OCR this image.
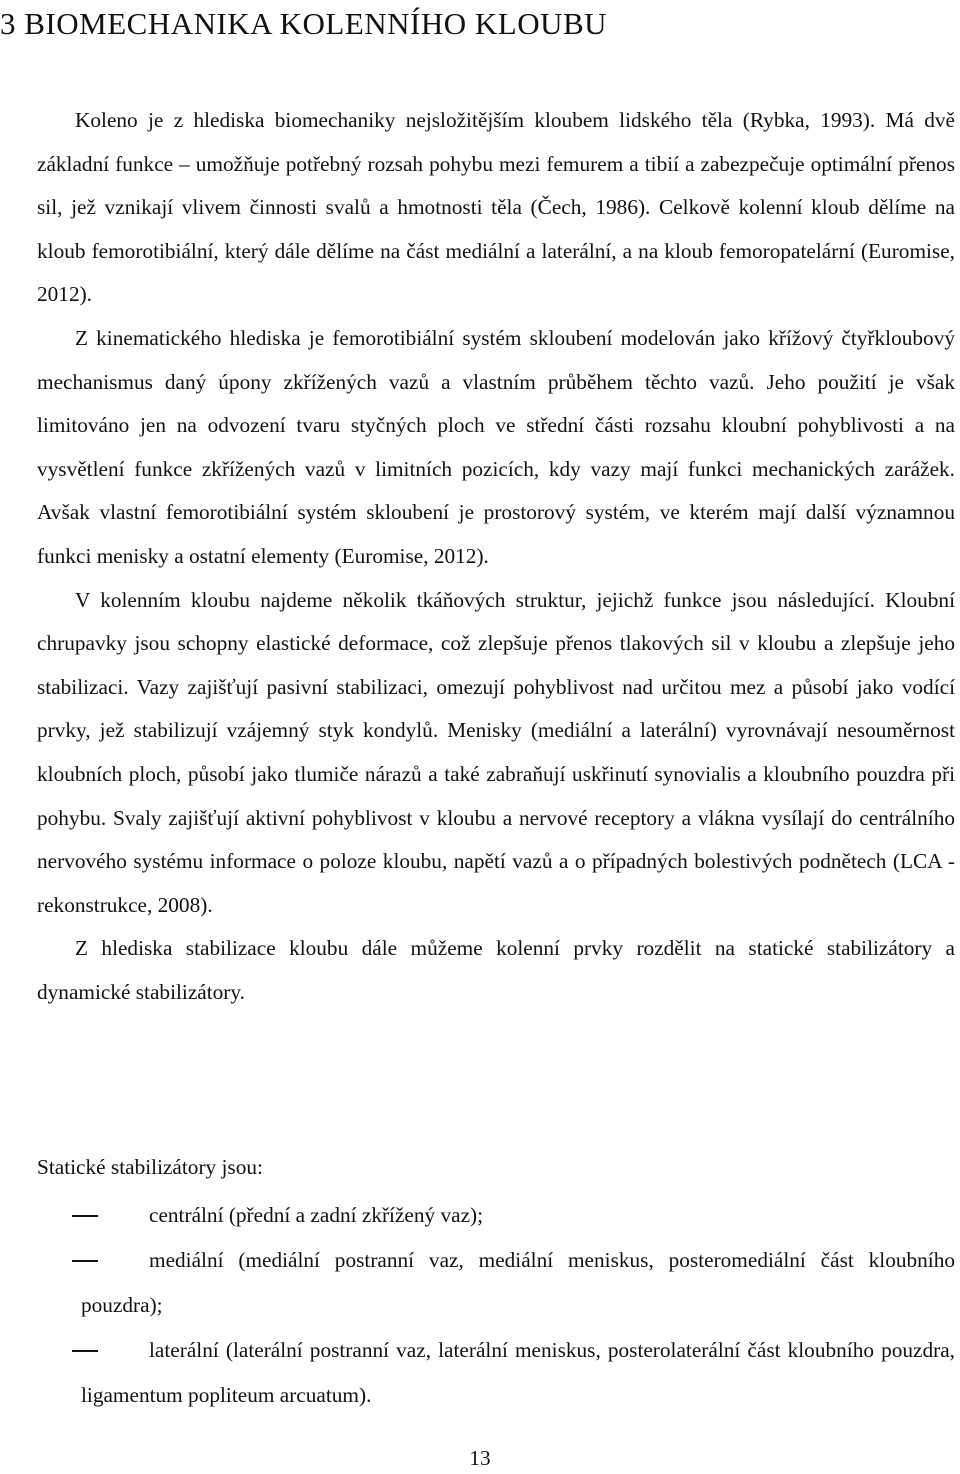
3 BIOMECHANIKA KOLENNÍHO KLOUBU

Koleno je z hlediska biomechaniky nejsložitějším kloubem lidského těla (Rybka, 1993). Má dvě základní funkce – umožňuje potřebný rozsah pohybu mezi femurem a tibií a zabezpečuje optimální přenos sil, jež vznikají vlivem činnosti svalů a hmotnosti těla (Čech, 1986). Celkově kolenní kloub dělíme na kloub femorotibiální, který dále dělíme na část mediální a laterální, a na kloub femoropatelární (Euromise, 2012).

Z kinematického hlediska je femorotibiální systém skloubení modelován jako křížový čtyřkloubový mechanismus daný úpony zkřížených vazů a vlastním průběhem těchto vazů. Jeho použití je však limitováno jen na odvození tvaru styčných ploch ve střední části rozsahu kloubní pohyblivosti a na vysvětlení funkce zkřížených vazů v limitních pozicích, kdy vazy mají funkci mechanických zarážek. Avšak vlastní femorotibiální systém skloubení je prostorový systém, ve kterém mají další významnou funkci menisky a ostatní elementy (Euromise, 2012).

V kolenním kloubu najdeme několik tkáňových struktur, jejichž funkce jsou následující. Kloubní chrupavky jsou schopny elastické deformace, což zlepšuje přenos tlakových sil v kloubu a zlepšuje jeho stabilizaci. Vazy zajišťují pasivní stabilizaci, omezují pohyblivost nad určitou mez a působí jako vodící prvky, jež stabilizují vzájemný styk kondylů. Menisky (mediální a laterální) vyrovnávají nesouměrnost kloubních ploch, působí jako tlumiče nárazů a také zabraňují uskřinutí synovialis a kloubního pouzdra při pohybu. Svaly zajišťují aktivní pohyblivost v kloubu a nervové receptory a vlákna vysílají do centrálního nervového systému informace o poloze kloubu, napětí vazů a o případných bolestivých podnětech (LCA - rekonstrukce, 2008).

Z hlediska stabilizace kloubu dále můžeme kolenní prvky rozdělit na statické stabilizátory a dynamické stabilizátory.

Statické stabilizátory jsou:

centrální (přední a zadní zkřížený vaz);
mediální (mediální postranní vaz, mediální meniskus, posteromediální část kloubního pouzdra);
laterální (laterální postranní vaz, laterální meniskus, posterolaterální část kloubního pouzdra, ligamentum popliteum arcuatum).

13
